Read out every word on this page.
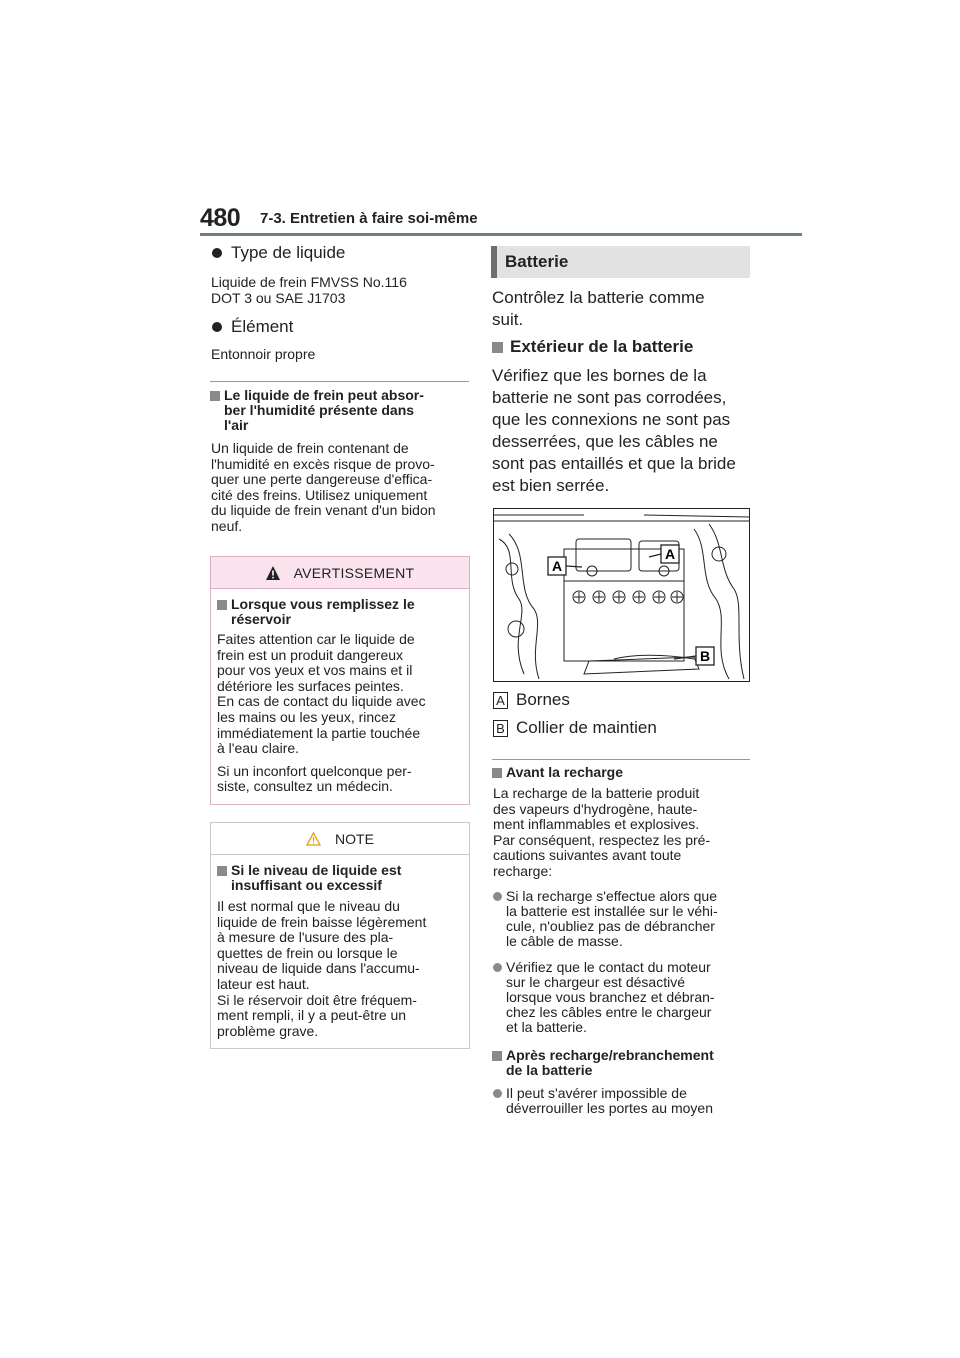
480 7-3. Entretien à faire soi-même
Type de liquide
Liquide de frein FMVSS No.116
DOT 3 ou SAE J1703
Élément
Entonnoir propre
Le liquide de frein peut absor-
ber l'humidité présente dans
l'air
Un liquide de frein contenant de
l'humidité en excès risque de provo-
quer une perte dangereuse d'effica-
cité des freins. Utilisez uniquement
du liquide de frein venant d'un bidon
neuf.
AVERTISSEMENT
Lorsque vous remplissez le
réservoir
Faites attention car le liquide de
frein est un produit dangereux
pour vos yeux et vos mains et il
détériore les surfaces peintes.
En cas de contact du liquide avec
les mains ou les yeux, rincez
immédiatement la partie touchée
à l'eau claire.
Si un inconfort quelconque per-
siste, consultez un médecin.
NOTE
Si le niveau de liquide est
insuffisant ou excessif
Il est normal que le niveau du
liquide de frein baisse légèrement
à mesure de l'usure des pla-
quettes de frein ou lorsque le
niveau de liquide dans l'accumu-
lateur est haut.
Si le réservoir doit être fréquem-
ment rempli, il y a peut-être un
problème grave.
Batterie
Contrôlez la batterie comme
suit.
Extérieur de la batterie
Vérifiez que les bornes de la
batterie ne sont pas corrodées,
que les connexions ne sont pas
desserrées, que les câbles ne
sont pas entaillés et que la bride
est bien serrée.
A
A
B
A Bornes
B Collier de maintien
Avant la recharge
La recharge de la batterie produit
des vapeurs d'hydrogène, haute-
ment inflammables et explosives.
Par conséquent, respectez les pré-
cautions suivantes avant toute
recharge:
Si la recharge s'effectue alors que
la batterie est installée sur le véhi-
cule, n'oubliez pas de débrancher
le câble de masse.
Vérifiez que le contact du moteur
sur le chargeur est désactivé
lorsque vous branchez et débran-
chez les câbles entre le chargeur
et la batterie.
Après recharge/rebranchement
de la batterie
Il peut s'avérer impossible de
déverrouiller les portes au moyen
